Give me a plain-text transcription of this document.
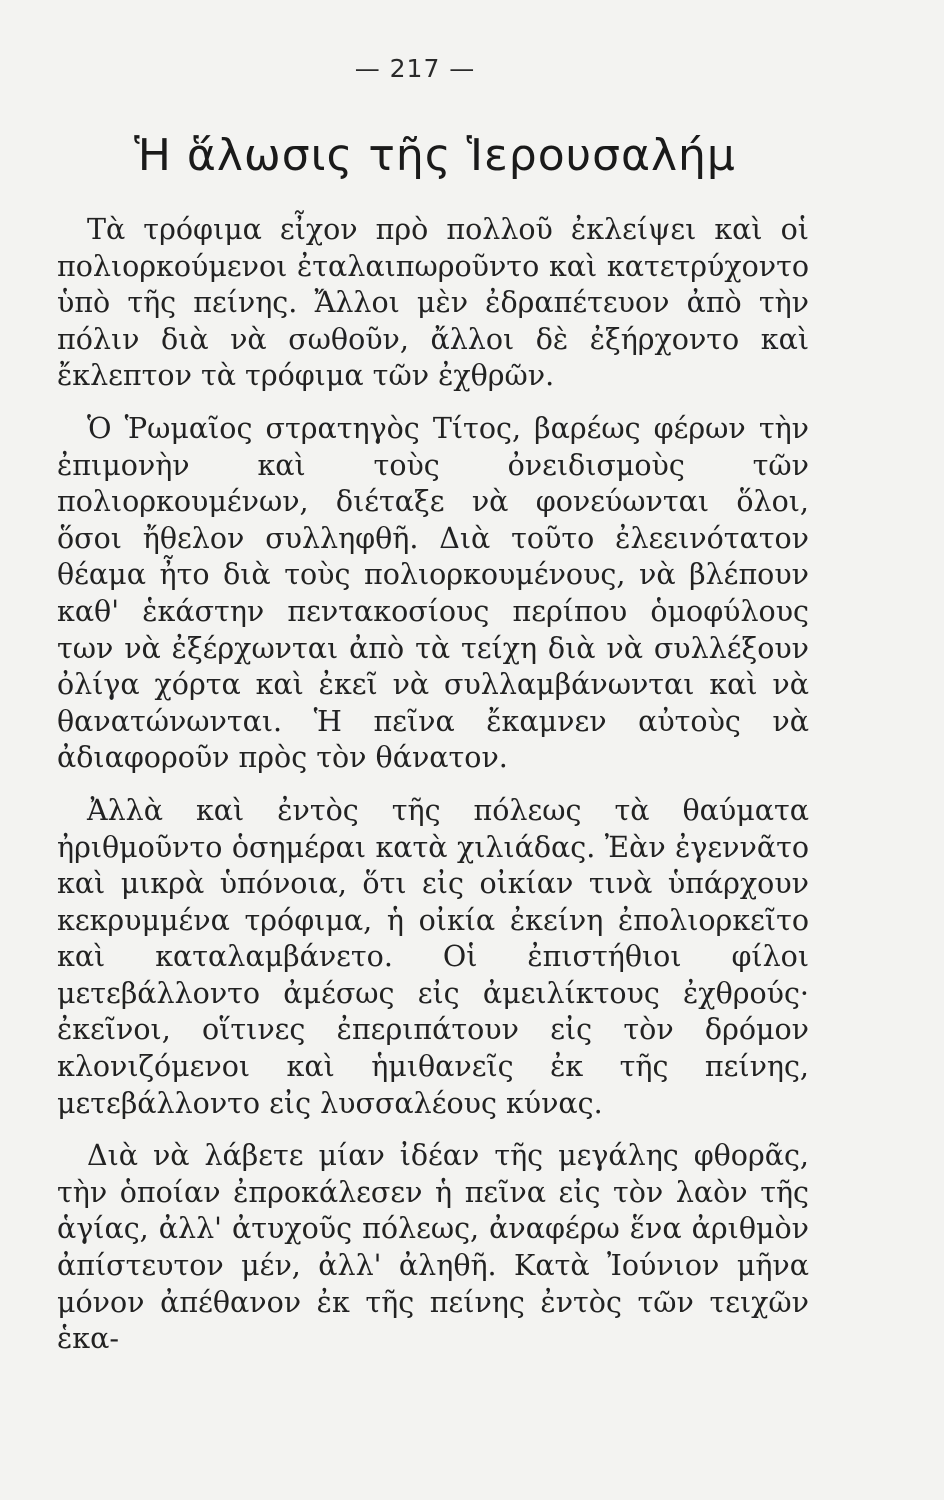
— 217 —
Ἡ ἅλωσις τῆς Ἱερουσαλήμ

Τὰ τρόφιμα εἶχον πρὸ πολλοῦ ἐκλείψει καὶ οἱ πολιορκούμενοι ἐταλαιπωροῦντο καὶ κατετρύχοντο ὑπὸ τῆς πείνης. Ἄλλοι μὲν ἐδραπέτευον ἀπὸ τὴν πόλιν διὰ νὰ σωθοῦν, ἄλλοι δὲ ἐξήρχοντο καὶ ἔκλεπτον τὰ τρόφιμα τῶν ἐχθρῶν.

Ὁ Ῥωμαῖος στρατηγὸς Τίτος, βαρέως φέρων τὴν ἐπιμονὴν καὶ τοὺς ὀνειδισμοὺς τῶν πολιορκουμένων, διέταξε νὰ φονεύωνται ὅλοι, ὅσοι ἤθελον συλληφθῆ. Διὰ τοῦτο ἐλεεινότατον θέαμα ἦτο διὰ τοὺς πολιορκουμένους, νὰ βλέπουν καθ' ἑκάστην πεντακοσίους περίπου ὁμοφύλους των νὰ ἐξέρχωνται ἀπὸ τὰ τείχη διὰ νὰ συλλέξουν ὀλίγα χόρτα καὶ ἐκεῖ νὰ συλλαμβάνωνται καὶ νὰ θανατώνωνται. Ἡ πεῖνα ἔκαμνεν αὐτοὺς νὰ ἀδιαφοροῦν πρὸς τὸν θάνατον.

Ἀλλὰ καὶ ἐντὸς τῆς πόλεως τὰ θαύματα ἠριθμοῦντο ὁσημέραι κατὰ χιλιάδας. Ἐὰν ἐγεννᾶτο καὶ μικρὰ ὑπόνοια, ὅτι εἰς οἰκίαν τινὰ ὑπάρχουν κεκρυμμένα τρόφιμα, ἡ οἰκία ἐκείνη ἐπολιορκεῖτο καὶ καταλαμβάνετο. Οἱ ἐπιστήθιοι φίλοι μετεβάλλοντο ἀμέσως εἰς ἀμειλίκτους ἐχθρούς· ἐκεῖνοι, οἵτινες ἐπεριπάτουν εἰς τὸν δρόμον κλονιζόμενοι καὶ ἡμιθανεῖς ἐκ τῆς πείνης, μετεβάλλοντο εἰς λυσσαλέους κύνας.

Διὰ νὰ λάβετε μίαν ἰδέαν τῆς μεγάλης φθορᾶς, τὴν ὁποίαν ἐπροκάλεσεν ἡ πεῖνα εἰς τὸν λαὸν τῆς ἁγίας, ἀλλ' ἀτυχοῦς πόλεως, ἀναφέρω ἕνα ἀριθμὸν ἀπίστευτον μέν, ἀλλ' ἀληθῆ. Κατὰ Ἰούνιον μῆνα μόνον ἀπέθανον ἐκ τῆς πείνης ἐντὸς τῶν τειχῶν ἑκα-
